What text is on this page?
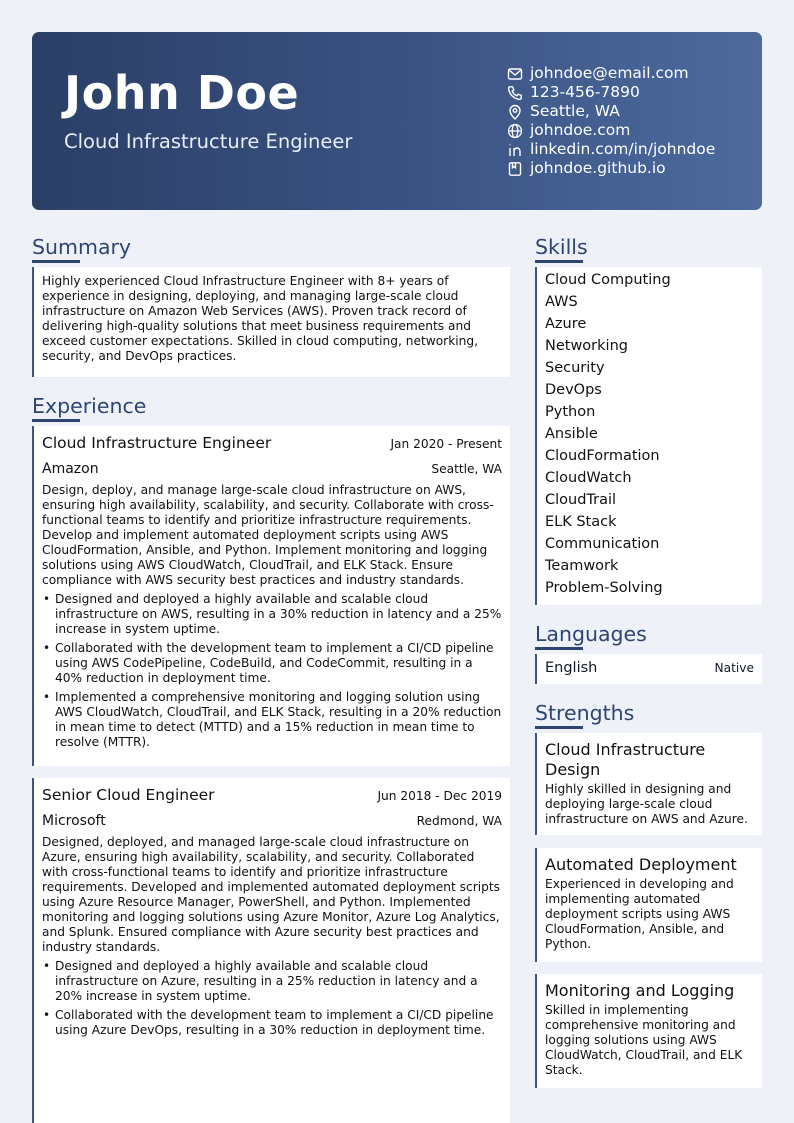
John Doe
Cloud Infrastructure Engineer
johndoe@email.com
123-456-7890
Seattle, WA
johndoe.com
linkedin.com/in/johndoe
johndoe.github.io
Summary
Highly experienced Cloud Infrastructure Engineer with 8+ years of experience in designing, deploying, and managing large-scale cloud infrastructure on Amazon Web Services (AWS). Proven track record of delivering high-quality solutions that meet business requirements and exceed customer expectations. Skilled in cloud computing, networking, security, and DevOps practices.
Experience
Cloud Infrastructure Engineer	Jan 2020 - Present
Amazon	Seattle, WA
Design, deploy, and manage large-scale cloud infrastructure on AWS, ensuring high availability, scalability, and security. Collaborate with cross-functional teams to identify and prioritize infrastructure requirements. Develop and implement automated deployment scripts using AWS CloudFormation, Ansible, and Python. Implement monitoring and logging solutions using AWS CloudWatch, CloudTrail, and ELK Stack. Ensure compliance with AWS security best practices and industry standards.
• Designed and deployed a highly available and scalable cloud infrastructure on AWS, resulting in a 30% reduction in latency and a 25% increase in system uptime.
• Collaborated with the development team to implement a CI/CD pipeline using AWS CodePipeline, CodeBuild, and CodeCommit, resulting in a 40% reduction in deployment time.
• Implemented a comprehensive monitoring and logging solution using AWS CloudWatch, CloudTrail, and ELK Stack, resulting in a 20% reduction in mean time to detect (MTTD) and a 15% reduction in mean time to resolve (MTTR).
Senior Cloud Engineer	Jun 2018 - Dec 2019
Microsoft	Redmond, WA
Designed, deployed, and managed large-scale cloud infrastructure on Azure, ensuring high availability, scalability, and security. Collaborated with cross-functional teams to identify and prioritize infrastructure requirements. Developed and implemented automated deployment scripts using Azure Resource Manager, PowerShell, and Python. Implemented monitoring and logging solutions using Azure Monitor, Azure Log Analytics, and Splunk. Ensured compliance with Azure security best practices and industry standards.
• Designed and deployed a highly available and scalable cloud infrastructure on Azure, resulting in a 25% reduction in latency and a 20% increase in system uptime.
• Collaborated with the development team to implement a CI/CD pipeline using Azure DevOps, resulting in a 30% reduction in deployment time.
Skills
Cloud Computing
AWS
Azure
Networking
Security
DevOps
Python
Ansible
CloudFormation
CloudWatch
CloudTrail
ELK Stack
Communication
Teamwork
Problem-Solving
Languages
English	Native
Strengths
Cloud Infrastructure Design
Highly skilled in designing and deploying large-scale cloud infrastructure on AWS and Azure.
Automated Deployment
Experienced in developing and implementing automated deployment scripts using AWS CloudFormation, Ansible, and Python.
Monitoring and Logging
Skilled in implementing comprehensive monitoring and logging solutions using AWS CloudWatch, CloudTrail, and ELK Stack.
